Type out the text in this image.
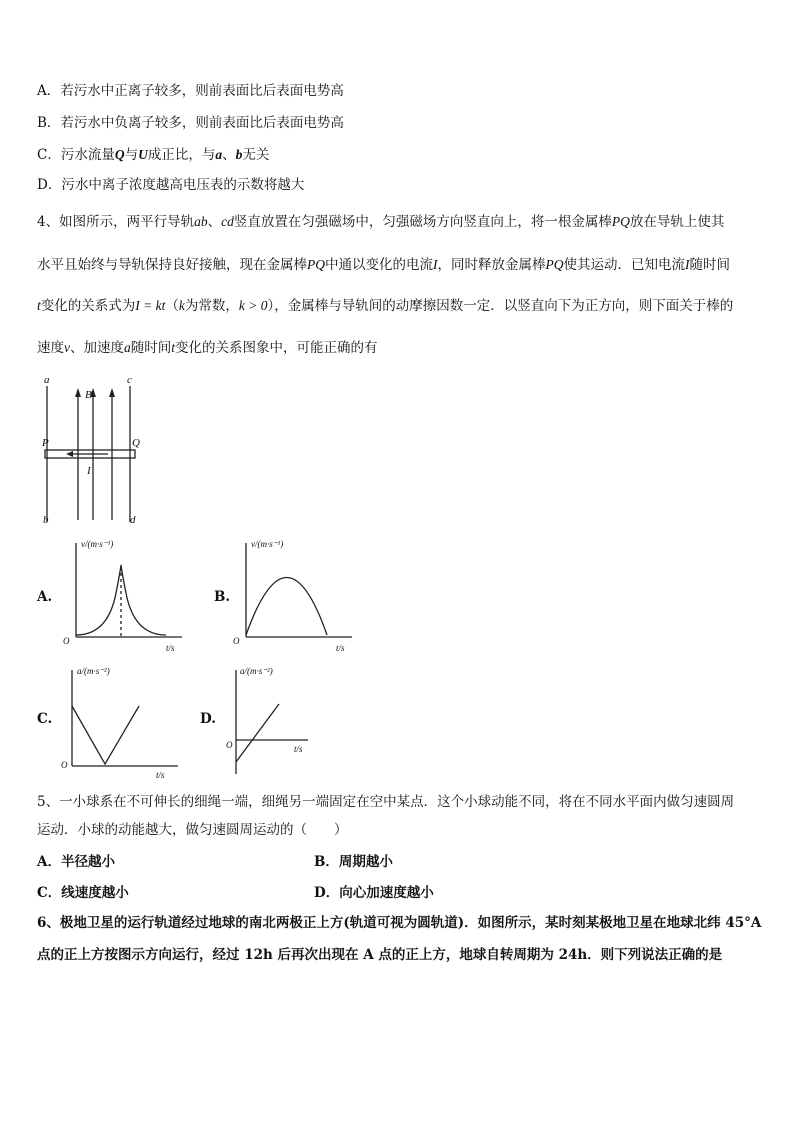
A．若污水中正离子较多，则前表面比后表面电势高
B．若污水中负离子较多，则前表面比后表面电势高
C．污水流量Q与U成正比，与a、b无关
D．污水中离子浓度越高电压表的示数将越大
4、如图所示，两平行导轨ab、cd竖直放置在匀强磁场中，匀强磁场方向竖直向上，将一根金属棒PQ放在导轨上使其
水平且始终与导轨保持良好接触，现在金属棒PQ中通以变化的电流I，同时释放金属棒PQ使其运动．已知电流I随时间
t变化的关系式为I = kt（k为常数，k > 0），金属棒与导轨间的动摩擦因数一定．以竖直向下为正方向，则下面关于棒的
速度v、加速度a随时间t变化的关系图象中，可能正确的有
a	c
B
P	Q
I
b	d
A.	B.
C.	D.
v/(m·s⁻¹)
O
t/s
v/(m·s⁻¹)
O
t/s
a/(m·s⁻²)
O
t/s
a/(m·s⁻²)
O	t/s
5、一小球系在不可伸长的细绳一端，细绳另一端固定在空中某点．这个小球动能不同，将在不同水平面内做匀速圆周
运动．小球的动能越大，做匀速圆周运动的（　　）
A．半径越小	B．周期越小
C．线速度越小	D．向心加速度越小
6、极地卫星的运行轨道经过地球的南北两极正上方(轨道可视为圆轨道)．如图所示，某时刻某极地卫星在地球北纬 45°A
点的正上方按图示方向运行，经过 12h 后再次出现在 A 点的正上方，地球自转周期为 24h．则下列说法正确的是
